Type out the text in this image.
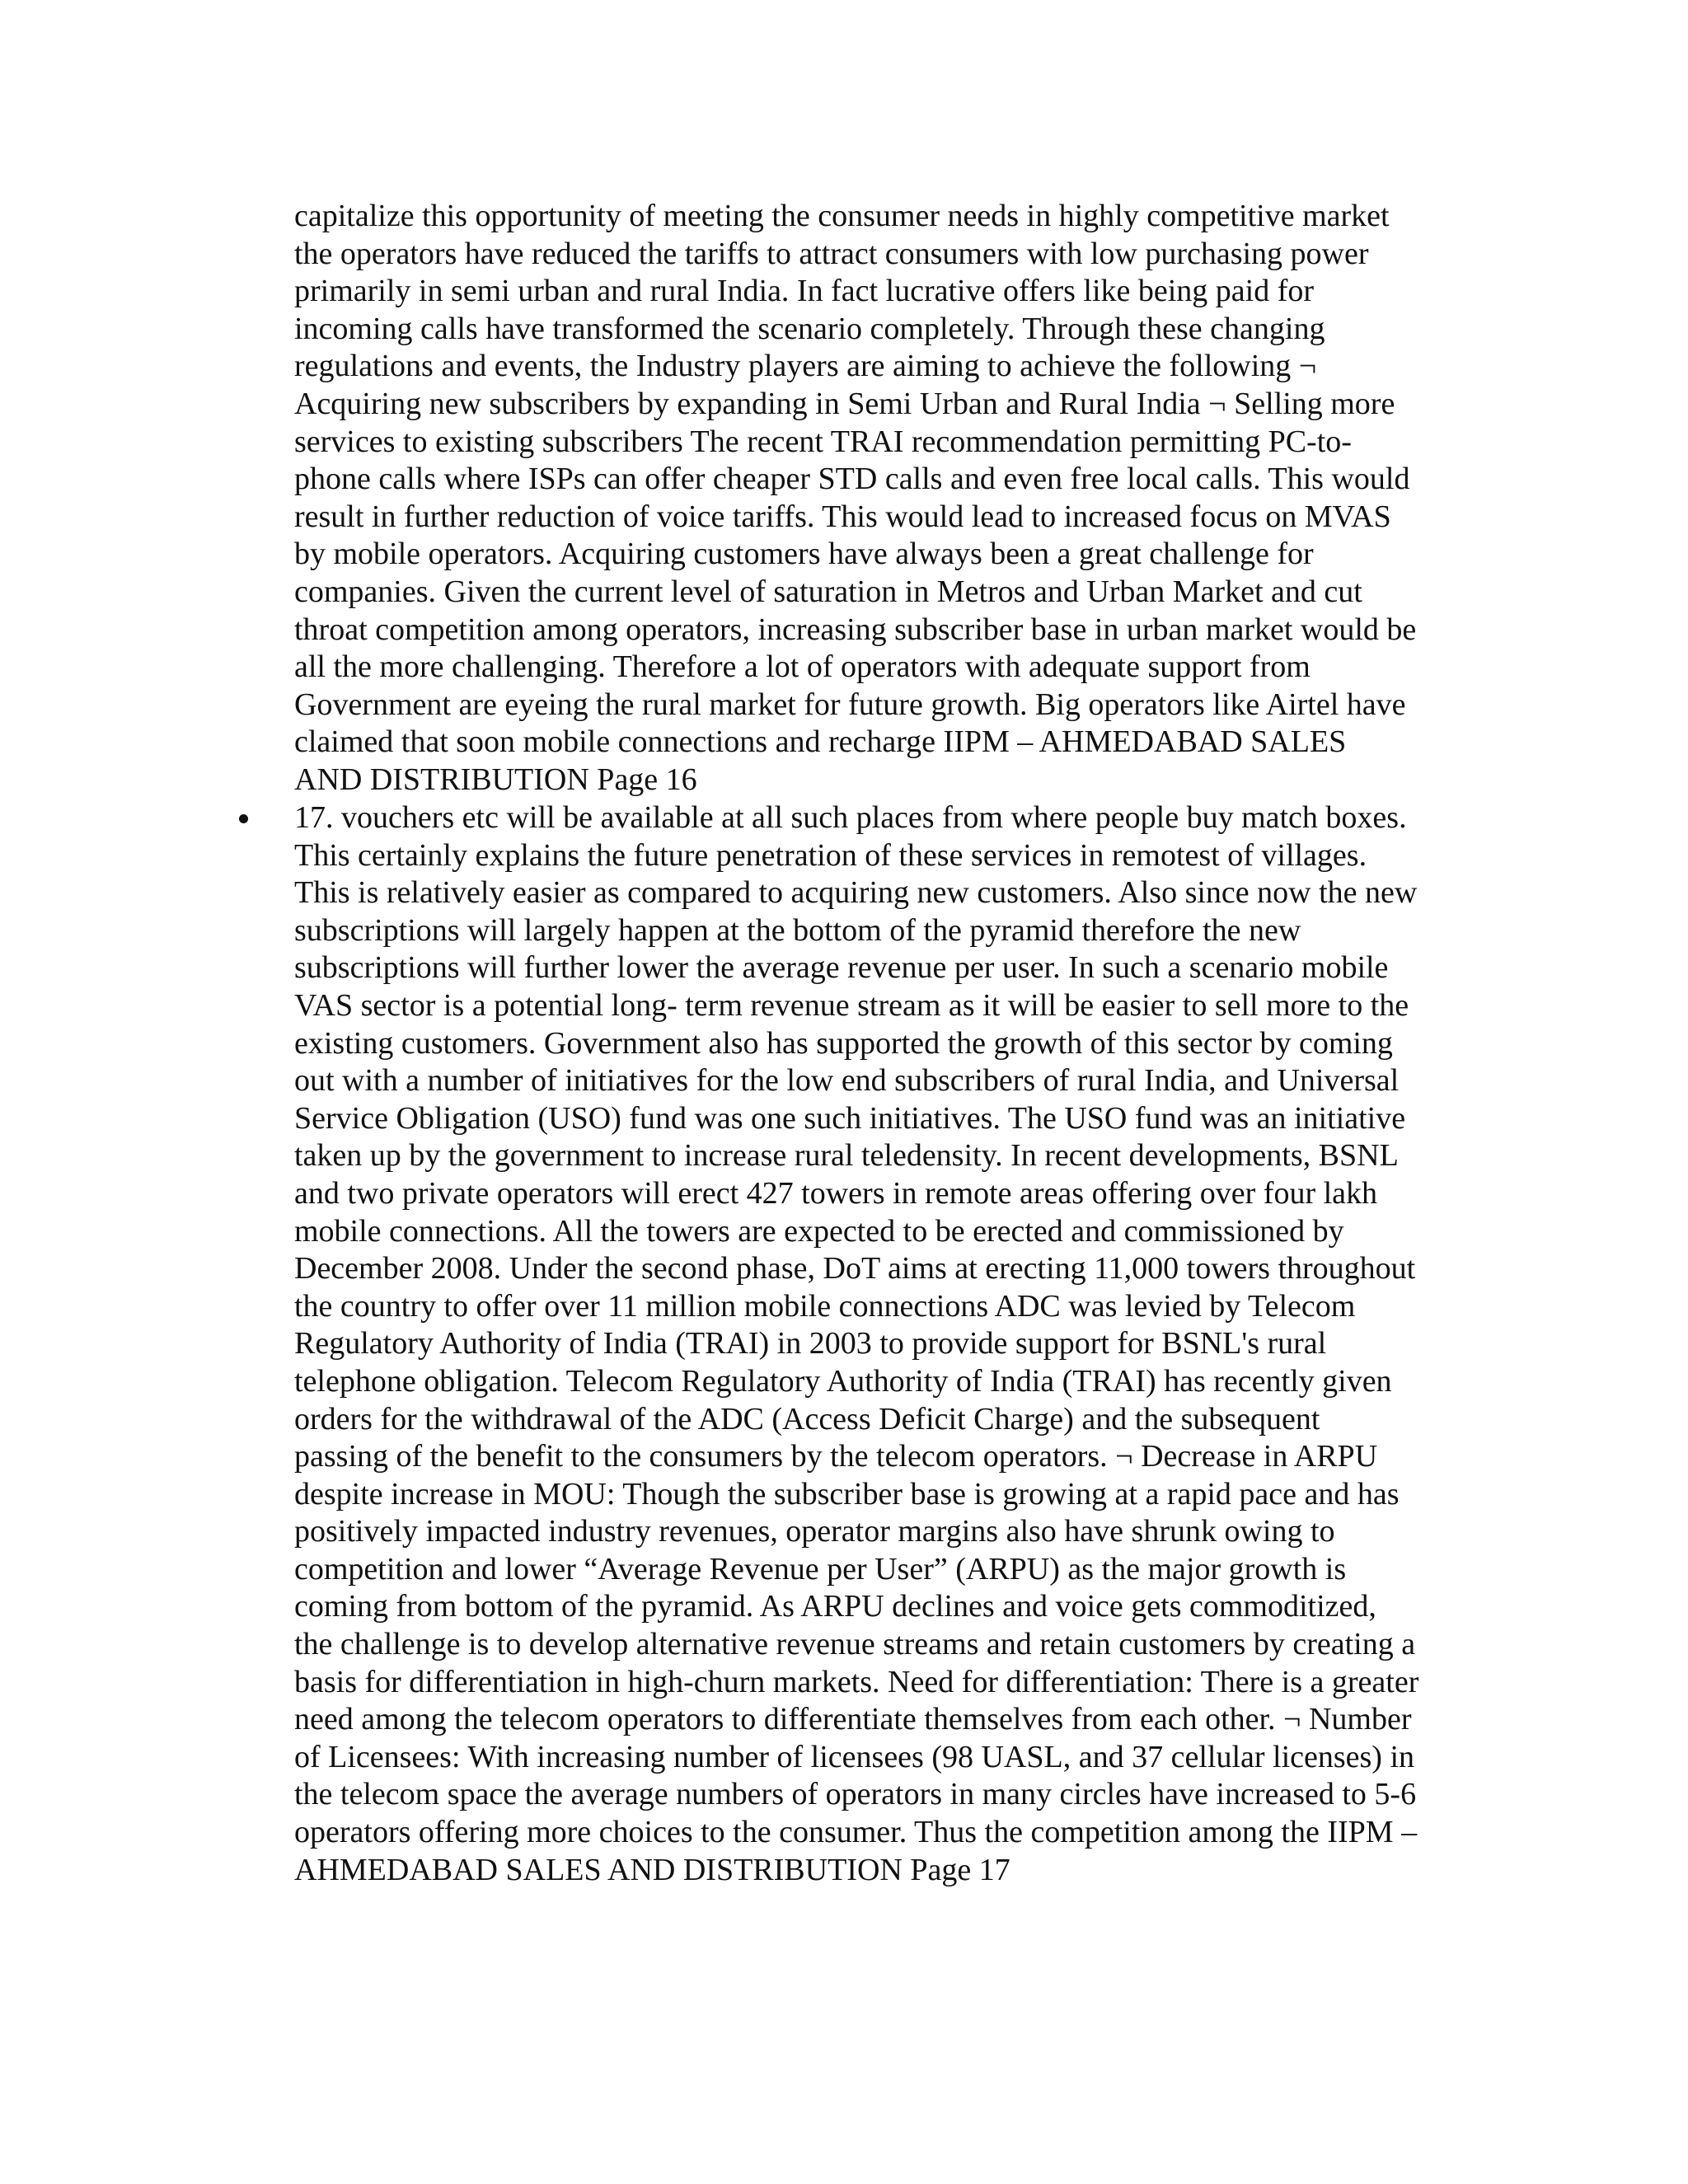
capitalize this opportunity of meeting the consumer needs in highly competitive market
the operators have reduced the tariffs to attract consumers with low purchasing power
primarily in semi urban and rural India. In fact lucrative offers like being paid for
incoming calls have transformed the scenario completely. Through these changing
regulations and events, the Industry players are aiming to achieve the following ¬
Acquiring new subscribers by expanding in Semi Urban and Rural India ¬ Selling more
services to existing subscribers The recent TRAI recommendation permitting PC-to-
phone calls where ISPs can offer cheaper STD calls and even free local calls. This would
result in further reduction of voice tariffs. This would lead to increased focus on MVAS
by mobile operators. Acquiring customers have always been a great challenge for
companies. Given the current level of saturation in Metros and Urban Market and cut
throat competition among operators, increasing subscriber base in urban market would be
all the more challenging. Therefore a lot of operators with adequate support from
Government are eyeing the rural market for future growth. Big operators like Airtel have
claimed that soon mobile connections and recharge IIPM – AHMEDABAD SALES
AND DISTRIBUTION Page 16
17. vouchers etc will be available at all such places from where people buy match boxes.
This certainly explains the future penetration of these services in remotest of villages.
This is relatively easier as compared to acquiring new customers. Also since now the new
subscriptions will largely happen at the bottom of the pyramid therefore the new
subscriptions will further lower the average revenue per user. In such a scenario mobile
VAS sector is a potential long- term revenue stream as it will be easier to sell more to the
existing customers. Government also has supported the growth of this sector by coming
out with a number of initiatives for the low end subscribers of rural India, and Universal
Service Obligation (USO) fund was one such initiatives. The USO fund was an initiative
taken up by the government to increase rural teledensity. In recent developments, BSNL
and two private operators will erect 427 towers in remote areas offering over four lakh
mobile connections. All the towers are expected to be erected and commissioned by
December 2008. Under the second phase, DoT aims at erecting 11,000 towers throughout
the country to offer over 11 million mobile connections ADC was levied by Telecom
Regulatory Authority of India (TRAI) in 2003 to provide support for BSNL's rural
telephone obligation. Telecom Regulatory Authority of India (TRAI) has recently given
orders for the withdrawal of the ADC (Access Deficit Charge) and the subsequent
passing of the benefit to the consumers by the telecom operators. ¬ Decrease in ARPU
despite increase in MOU: Though the subscriber base is growing at a rapid pace and has
positively impacted industry revenues, operator margins also have shrunk owing to
competition and lower “Average Revenue per User” (ARPU) as the major growth is
coming from bottom of the pyramid. As ARPU declines and voice gets commoditized,
the challenge is to develop alternative revenue streams and retain customers by creating a
basis for differentiation in high-churn markets. Need for differentiation: There is a greater
need among the telecom operators to differentiate themselves from each other. ¬ Number
of Licensees: With increasing number of licensees (98 UASL, and 37 cellular licenses) in
the telecom space the average numbers of operators in many circles have increased to 5-6
operators offering more choices to the consumer. Thus the competition among the IIPM –
AHMEDABAD SALES AND DISTRIBUTION Page 17
